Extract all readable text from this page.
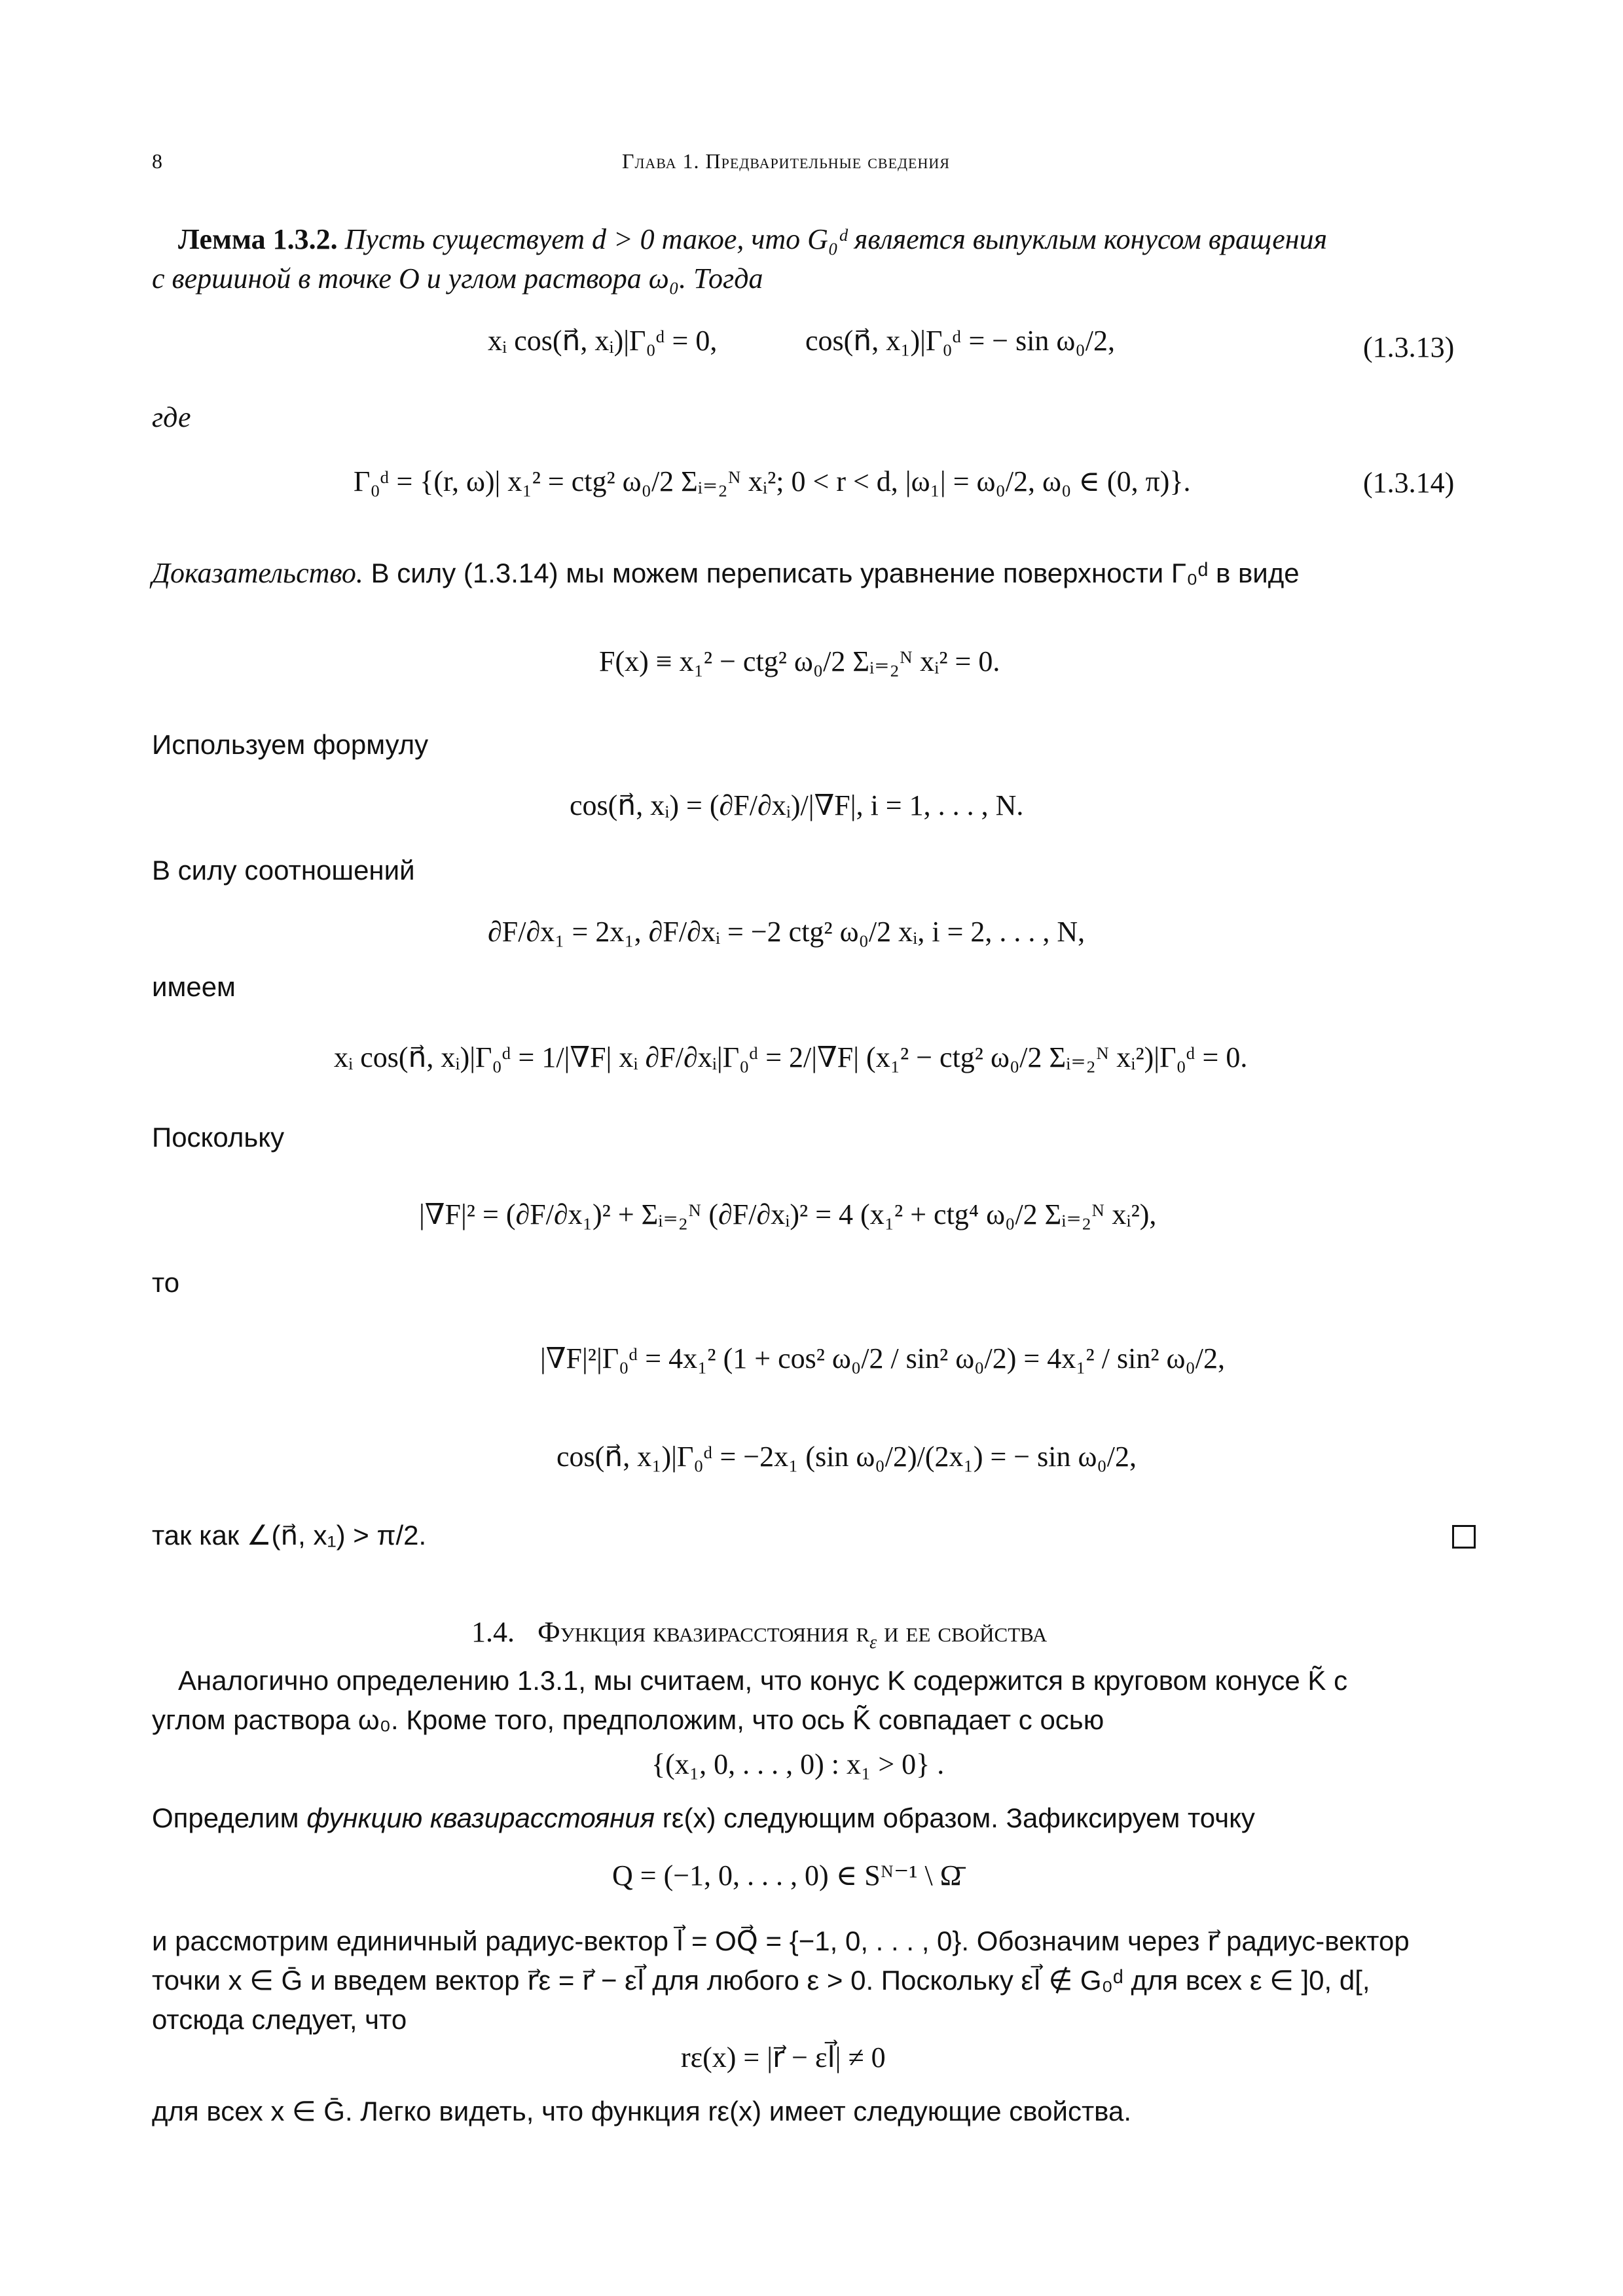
8	Глава 1. Предварительные сведения
Лемма 1.3.2. Пусть существует d > 0 такое, что G₀ᵈ является выпуклым конусом вращения
с вершиной в точке O и углом раствора ω₀. Тогда
xᵢ cos(n⃗, xᵢ)|Γ₀ᵈ = 0,	cos(n⃗, x₁)|Γ₀ᵈ = − sin ω₀/2,	(1.3.13)
где
Γ₀ᵈ = {(r, ω)| x₁² = ctg² ω₀/2 Σᵢ₌₂ᴺ xᵢ²; 0 < r < d, |ω₁| = ω₀/2, ω₀ ∈ (0, π)}.	(1.3.14)
Доказательство. В силу (1.3.14) мы можем переписать уравнение поверхности Γ₀ᵈ в виде
F(x) ≡ x₁² − ctg² ω₀/2 Σᵢ₌₂ᴺ xᵢ² = 0.
Используем формулу
cos(n⃗, xᵢ) = (∂F/∂xᵢ)/|∇F|, i = 1, . . . , N.
В силу соотношений
∂F/∂x₁ = 2x₁, ∂F/∂xᵢ = −2 ctg² ω₀/2 xᵢ, i = 2, . . . , N,
имеем
xᵢ cos(n⃗, xᵢ)|Γ₀ᵈ = 1/|∇F| xᵢ ∂F/∂xᵢ|Γ₀ᵈ = 2/|∇F| (x₁² − ctg² ω₀/2 Σᵢ₌₂ᴺ xᵢ²)|Γ₀ᵈ = 0.
Поскольку
|∇F|² = (∂F/∂x₁)² + Σᵢ₌₂ᴺ (∂F/∂xᵢ)² = 4 (x₁² + ctg⁴ ω₀/2 Σᵢ₌₂ᴺ xᵢ²),
то
|∇F|²|Γ₀ᵈ = 4x₁² (1 + cos² ω₀/2 / sin² ω₀/2) = 4x₁² / sin² ω₀/2,
cos(n⃗, x₁)|Γ₀ᵈ = −2x₁ (sin ω₀/2)/(2x₁) = − sin ω₀/2,
так как ∠(n⃗, x₁) > π/2.
1.4. Функция квазирасстояния $r_\varepsilon$ и ее свойства
Аналогично определению 1.3.1, мы считаем, что конус K содержится в круговом конусе K̃ с
углом раствора ω₀. Кроме того, предположим, что ось K̃ совпадает с осью
{(x₁, 0, . . . , 0) : x₁ > 0} .
Определим функцию квазирасстояния rε(x) следующим образом. Зафиксируем точку
Q = (−1, 0, . . . , 0) ∈ Sᴺ⁻¹ \ Ω̄
и рассмотрим единичный радиус-вектор l⃗ = OQ⃗ = {−1, 0, . . . , 0}. Обозначим через r⃗ радиус-вектор
точки x ∈ Ḡ и введем вектор r⃗ε = r⃗ − εl⃗ для любого ε > 0. Поскольку εl⃗ ∉ G₀ᵈ для всех ε ∈ ]0, d[,
отсюда следует, что
rε(x) = |r⃗ − εl⃗| ≠ 0
для всех x ∈ Ḡ. Легко видеть, что функция rε(x) имеет следующие свойства.
